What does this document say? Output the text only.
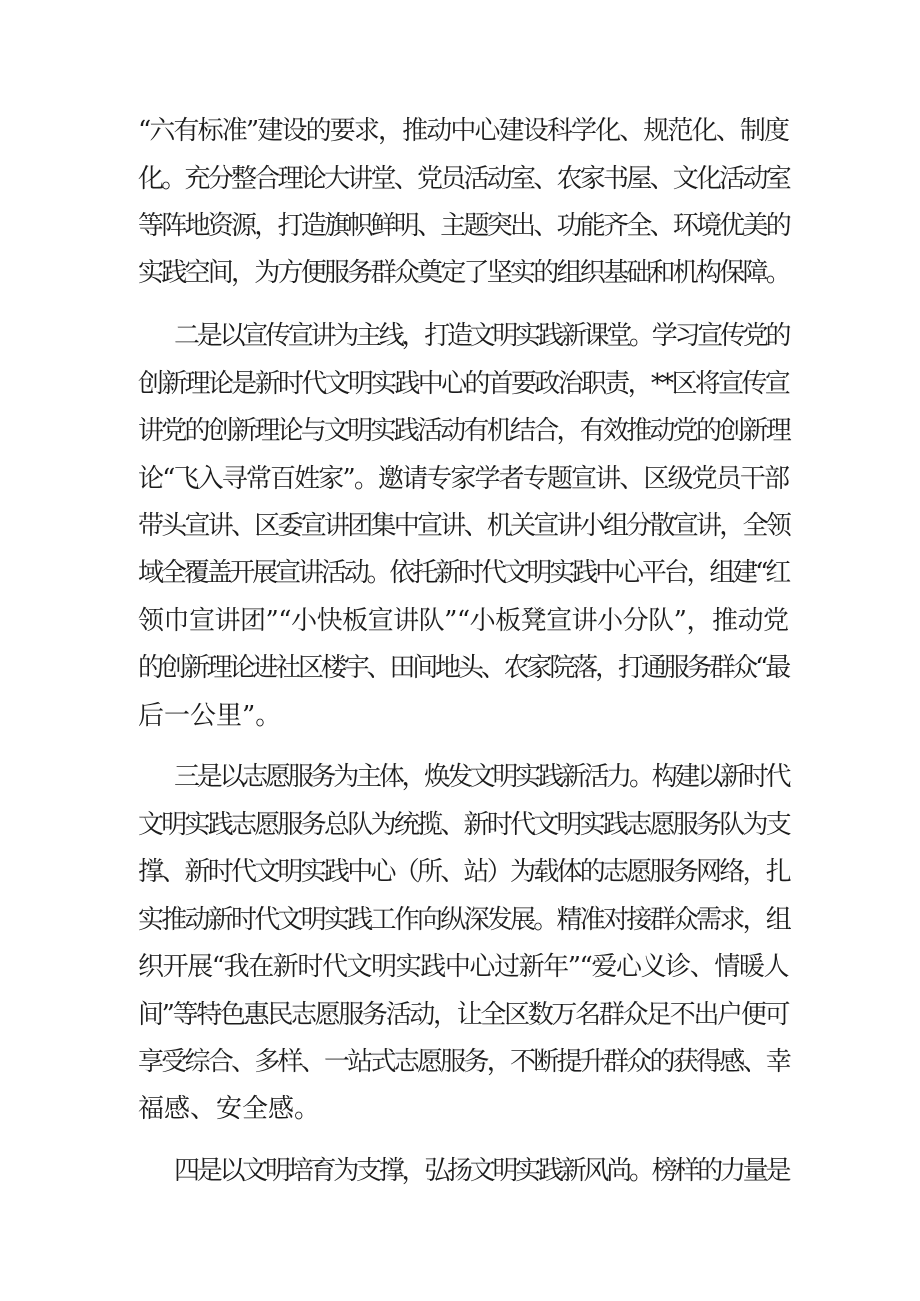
“六有标准”建设的要求，推动中心建设科学化、规范化、制度
化。充分整合理论大讲堂、党员活动室、农家书屋、文化活动室
等阵地资源，打造旗帜鲜明、主题突出、功能齐全、环境优美的
实践空间，为方便服务群众奠定了坚实的组织基础和机构保障。
二是以宣传宣讲为主线，打造文明实践新课堂。学习宣传党的
创新理论是新时代文明实践中心的首要政治职责，**区将宣传宣
讲党的创新理论与文明实践活动有机结合，有效推动党的创新理
论“飞入寻常百姓家”。邀请专家学者专题宣讲、区级党员干部
带头宣讲、区委宣讲团集中宣讲、机关宣讲小组分散宣讲，全领
域全覆盖开展宣讲活动。依托新时代文明实践中心平台，组建“红
领巾宣讲团”“小快板宣讲队”“小板凳宣讲小分队”，推动党
的创新理论进社区楼宇、田间地头、农家院落，打通服务群众“最
后一公里”。
三是以志愿服务为主体，焕发文明实践新活力。构建以新时代
文明实践志愿服务总队为统揽、新时代文明实践志愿服务队为支
撑、新时代文明实践中心（所、站）为载体的志愿服务网络，扎
实推动新时代文明实践工作向纵深发展。精准对接群众需求，组
织开展“我在新时代文明实践中心过新年”“爱心义诊、情暖人
间”等特色惠民志愿服务活动，让全区数万名群众足不出户便可
享受综合、多样、一站式志愿服务，不断提升群众的获得感、幸
福感、安全感。
四是以文明培育为支撑，弘扬文明实践新风尚。榜样的力量是
